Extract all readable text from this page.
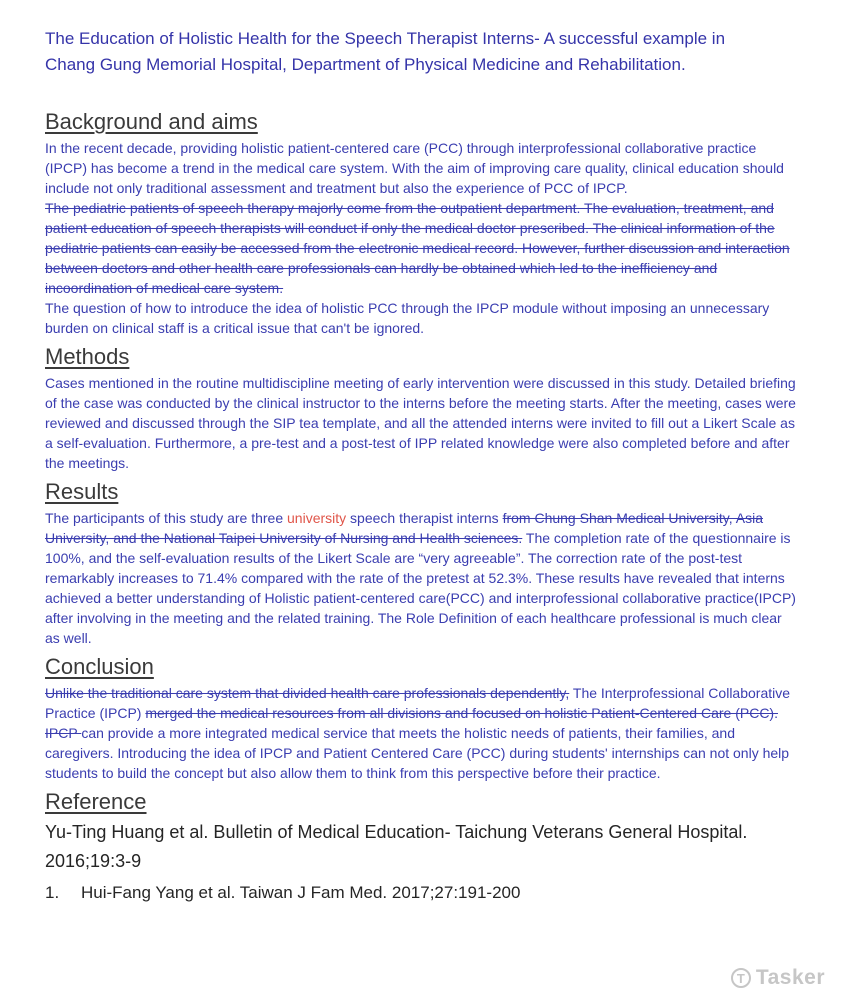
The Education of Holistic Health for the Speech Therapist Interns- A successful example in Chang Gung Memorial Hospital, Department of Physical Medicine and Rehabilitation.

Background and aims

In the recent decade, providing holistic patient-centered care (PCC) through interprofessional collaborative practice (IPCP) has become a trend in the medical care system. With the aim of improving care quality, clinical education should include not only traditional assessment and treatment but also the experience of PCC of IPCP.

The pediatric patients of speech therapy majorly come from the outpatient department. The evaluation, treatment, and patient education of speech therapists will conduct if only the medical doctor prescribed. The clinical information of the pediatric patients can easily be accessed from the electronic medical record. However, further discussion and interaction between doctors and other health care professionals can hardly be obtained which led to the inefficiency and incoordination of medical care system.

The question of how to introduce the idea of holistic PCC through the IPCP module without imposing an unnecessary burden on clinical staff is a critical issue that can't be ignored.

Methods

Cases mentioned in the routine multidiscipline meeting of early intervention were discussed in this study. Detailed briefing of the case was conducted by the clinical instructor to the interns before the meeting starts. After the meeting, cases were reviewed and discussed through the SIP tea template, and all the attended interns were invited to fill out a Likert Scale as a self-evaluation. Furthermore, a pre-test and a post-test of IPP related knowledge were also completed before and after the meetings.

Results

The participants of this study are three university speech therapist interns from Chung Shan Medical University, Asia University, and the National Taipei University of Nursing and Health sciences. The completion rate of the questionnaire is 100%, and the self-evaluation results of the Likert Scale are “very agreeable”. The correction rate of the post-test remarkably increases to 71.4% compared with the rate of the pretest at 52.3%. These results have revealed that interns achieved a better understanding of Holistic patient-centered care(PCC) and interprofessional collaborative practice(IPCP) after involving in the meeting and the related training. The Role Definition of each healthcare professional is much clear as well.

Conclusion

Unlike the traditional care system that divided health care professionals dependently, The Interprofessional Collaborative Practice (IPCP) merged the medical resources from all divisions and focused on holistic Patient-Centered Care (PCC). IPCP can provide a more integrated medical service that meets the holistic needs of patients, their families, and caregivers. Introducing the idea of IPCP and Patient Centered Care (PCC) during students' internships can not only help students to build the concept but also allow them to think from this perspective before their practice.

Reference

Yu-Ting Huang et al. Bulletin of Medical Education- Taichung Veterans General Hospital. 2016;19:3-9

1.	Hui-Fang Yang et al. Taiwan J Fam Med. 2017;27:191-200
T Tasker
